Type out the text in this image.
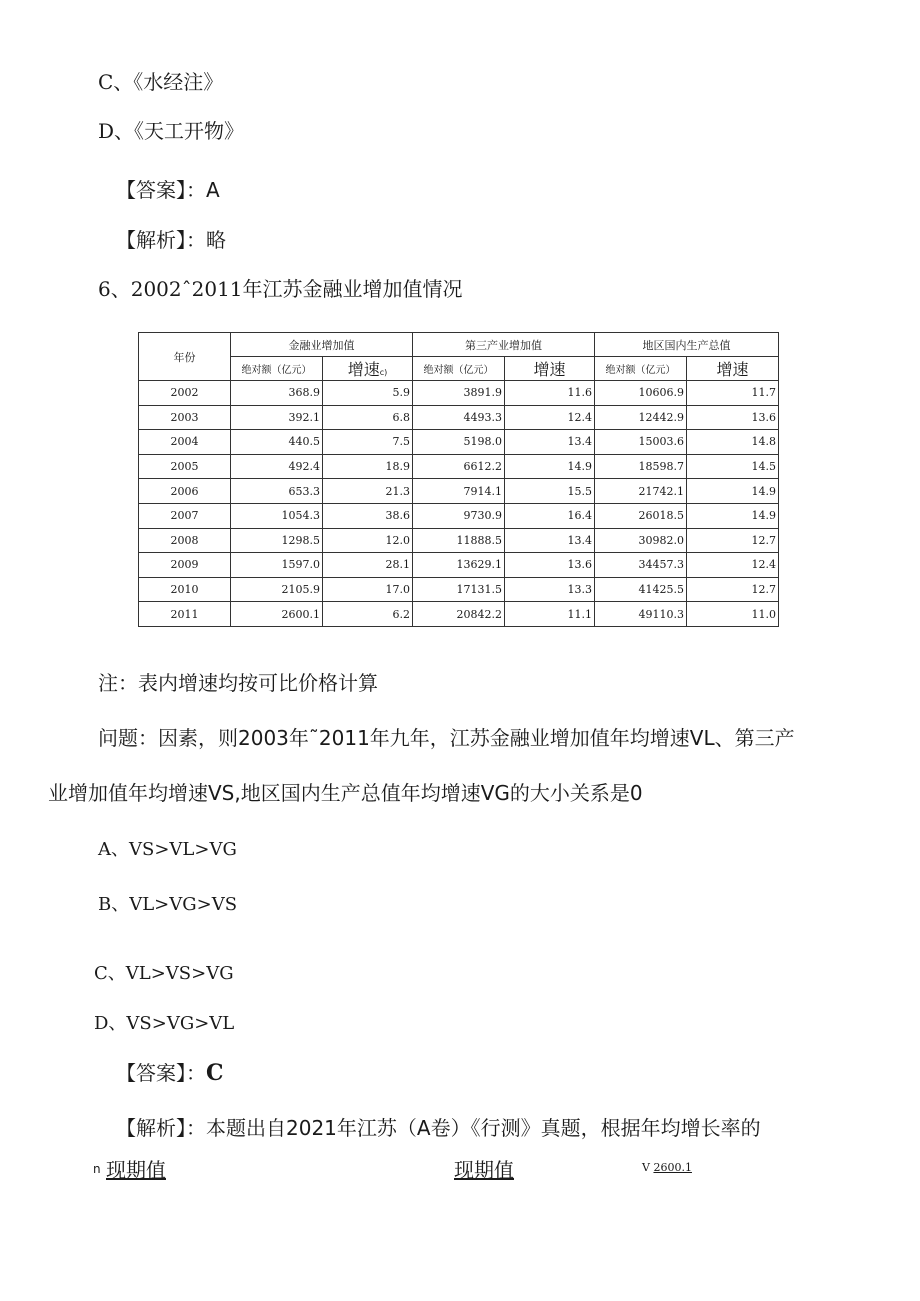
C、《水经注》
D、《天工开物》
【答案】：A
【解析】：略
6、2002ˆ2011年江苏金融业增加值情况
年份	金融业增加值		第三产业增加值		地区国内生产总值	
	绝对额（亿元）	增速c)	绝对额（亿元）	增速	绝对额（亿元）	增速
2002	368.9	5.9	3891.9	11.6	10606.9	11.7
2003	392.1	6.8	4493.3	12.4	12442.9	13.6
2004	440.5	7.5	5198.0	13.4	15003.6	14.8
2005	492.4	18.9	6612.2	14.9	18598.7	14.5
2006	653.3	21.3	7914.1	15.5	21742.1	14.9
2007	1054.3	38.6	9730.9	16.4	26018.5	14.9
2008	1298.5	12.0	11888.5	13.4	30982.0	12.7
2009	1597.0	28.1	13629.1	13.6	34457.3	12.4
2010	2105.9	17.0	17131.5	13.3	41425.5	12.7
2011	2600.1	6.2	20842.2	11.1	49110.3	11.0
注：表内增速均按可比价格计算
问题：因素，则2003年˜2011年九年，江苏金融业增加值年均增速VL、第三产
业增加值年均增速VS,地区国内生产总值年均增速VG的大小关系是0
A、VS>VL>VG
B、VL>VG>VS
C、VL>VS>VG
D、VS>VG>VL
【答案】：C
【解析】：本题出自2021年江苏（A卷）《行测》真题，根据年均增长率的
n 现期值	现期值	V 2600.1
